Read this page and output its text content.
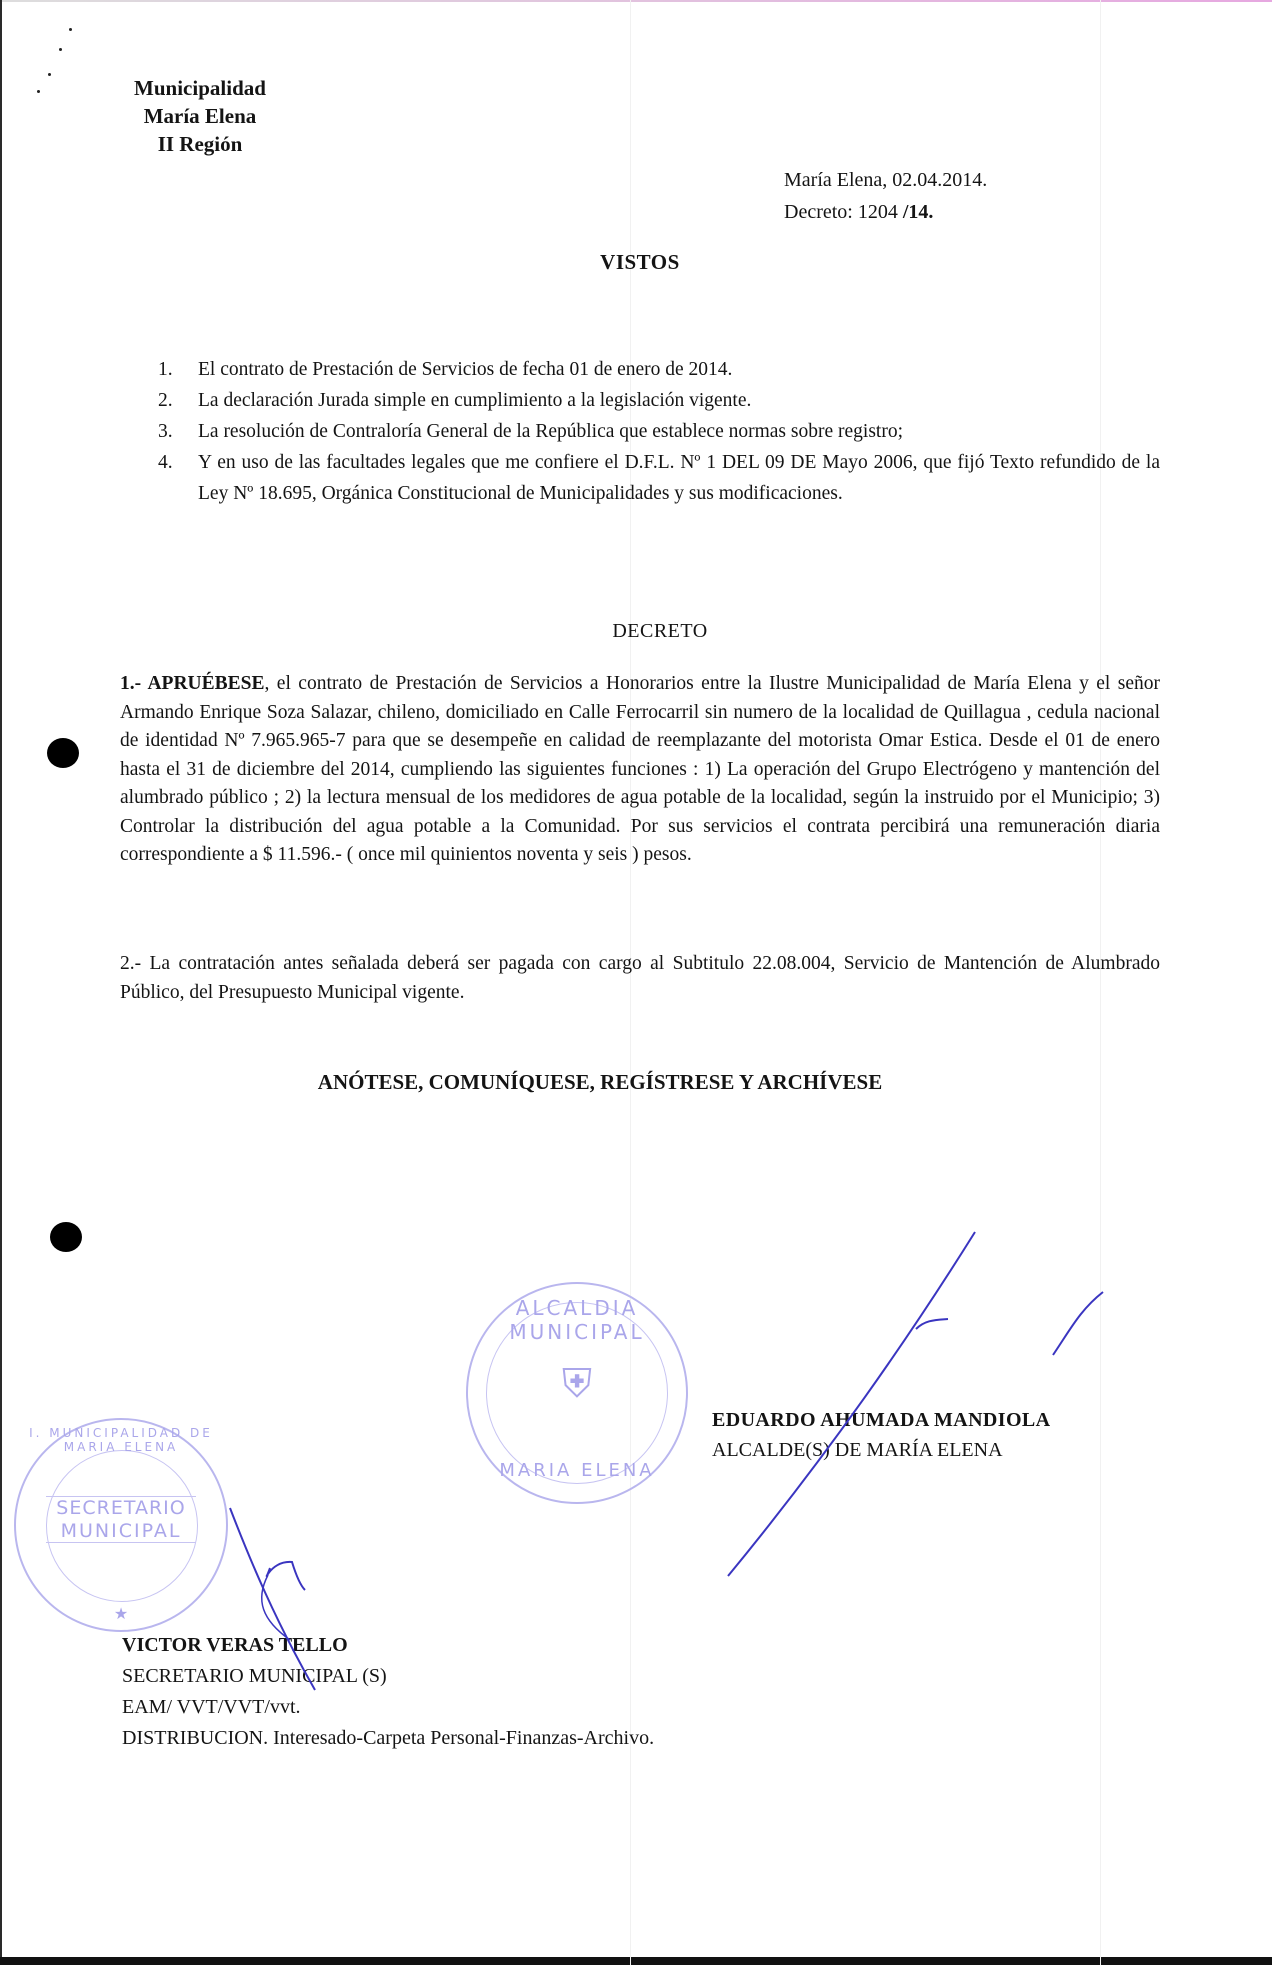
Municipalidad
María Elena
II Región
María Elena, 02.04.2014.
Decreto: 1204 /14.
VISTOS
1. El contrato de Prestación de Servicios de fecha 01 de enero de 2014.
2. La declaración Jurada simple en cumplimiento a la legislación vigente.
3. La resolución de Contraloría General de la República que establece normas sobre registro;
4. Y en uso de las facultades legales que me confiere el D.F.L. Nº 1 DEL 09 DE Mayo 2006, que fijó Texto refundido de la Ley Nº 18.695, Orgánica Constitucional de Municipalidades y sus modificaciones.
DECRETO
1.- APRUÉBESE, el contrato de Prestación de Servicios a Honorarios entre la Ilustre Municipalidad de María Elena y el señor Armando Enrique Soza Salazar, chileno, domiciliado en Calle Ferrocarril sin numero de la localidad de Quillagua , cedula nacional de identidad Nº 7.965.965-7 para que se desempeñe en calidad de reemplazante del motorista Omar Estica. Desde el 01 de enero hasta el 31 de diciembre del 2014, cumpliendo las siguientes funciones : 1) La operación del Grupo Electrógeno y mantención del alumbrado público ; 2) la lectura mensual de los medidores de agua potable de la localidad, según la instruido por el Municipio; 3) Controlar la distribución del agua potable a la Comunidad. Por sus servicios el contrata percibirá una remuneración diaria correspondiente a $ 11.596.- ( once mil quinientos noventa y seis ) pesos.
2.- La contratación antes señalada deberá ser pagada con cargo al Subtitulo 22.08.004, Servicio de Mantención de Alumbrado Público, del Presupuesto Municipal vigente.
ANÓTESE, COMUNÍQUESE, REGÍSTRESE Y ARCHÍVESE
ALCALDIA MUNICIPAL
MARIA ELENA
⛨
I. MUNICIPALIDAD DE MARIA ELENA
SECRETARIO
MUNICIPAL
★
EDUARDO AHUMADA MANDIOLA
ALCALDE(S) DE MARÍA ELENA
VICTOR VERAS TELLO
SECRETARIO MUNICIPAL (S)
EAM/ VVT/VVT/vvt.
DISTRIBUCION. Interesado-Carpeta Personal-Finanzas-Archivo.
